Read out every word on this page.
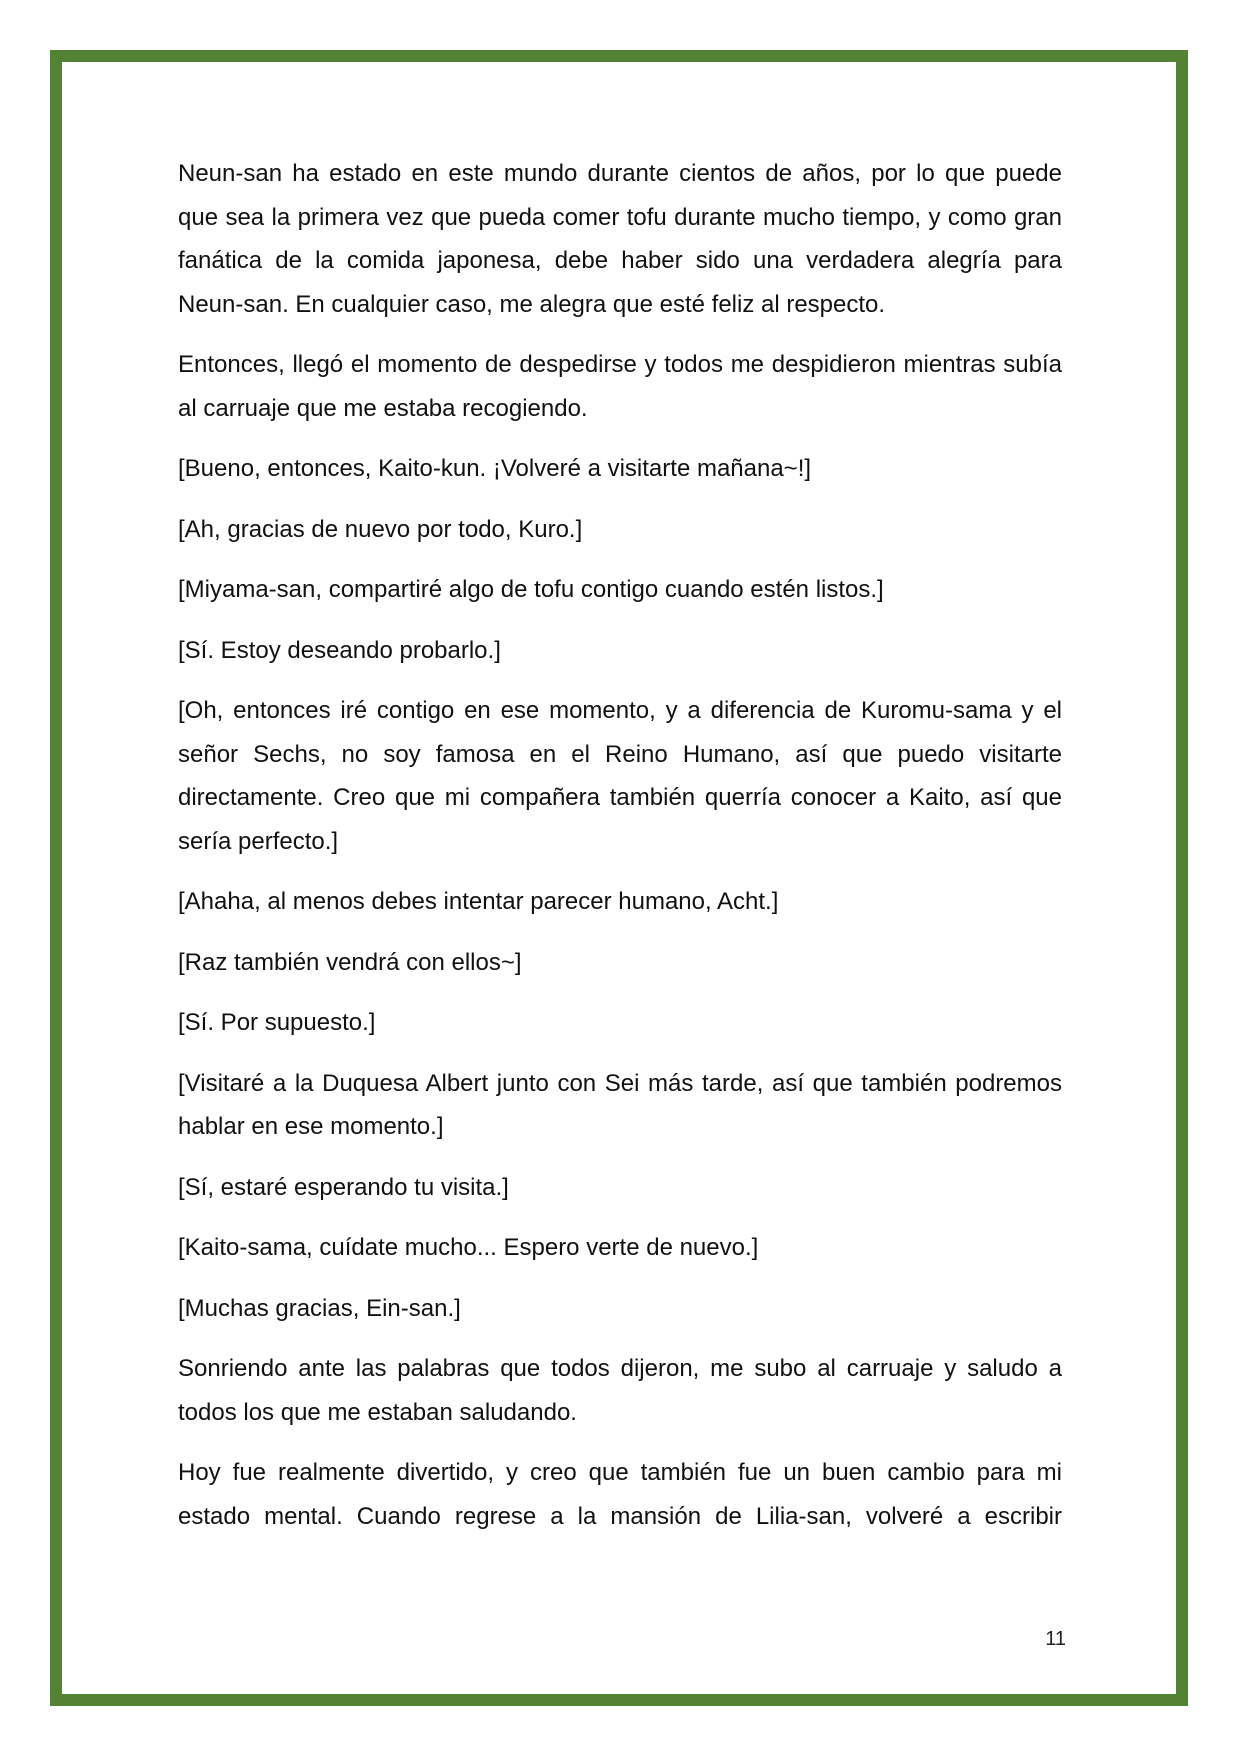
Neun-san ha estado en este mundo durante cientos de años, por lo que puede que sea la primera vez que pueda comer tofu durante mucho tiempo, y como gran fanática de la comida japonesa, debe haber sido una verdadera alegría para Neun-san. En cualquier caso, me alegra que esté feliz al respecto.

Entonces, llegó el momento de despedirse y todos me despidieron mientras subía al carruaje que me estaba recogiendo.

[Bueno, entonces, Kaito-kun. ¡Volveré a visitarte mañana~!]

[Ah, gracias de nuevo por todo, Kuro.]

[Miyama-san, compartiré algo de tofu contigo cuando estén listos.]

[Sí. Estoy deseando probarlo.]

[Oh, entonces iré contigo en ese momento, y a diferencia de Kuromu-sama y el señor Sechs, no soy famosa en el Reino Humano, así que puedo visitarte directamente. Creo que mi compañera también querría conocer a Kaito, así que sería perfecto.]

[Ahaha, al menos debes intentar parecer humano, Acht.]

[Raz también vendrá con ellos~]

[Sí. Por supuesto.]

[Visitaré a la Duquesa Albert junto con Sei más tarde, así que también podremos hablar en ese momento.]

[Sí, estaré esperando tu visita.]

[Kaito-sama, cuídate mucho... Espero verte de nuevo.]

[Muchas gracias, Ein-san.]

Sonriendo ante las palabras que todos dijeron, me subo al carruaje y saludo a todos los que me estaban saludando.

Hoy fue realmente divertido, y creo que también fue un buen cambio para mi estado mental. Cuando regrese a la mansión de Lilia-san, volveré a escribir

11
